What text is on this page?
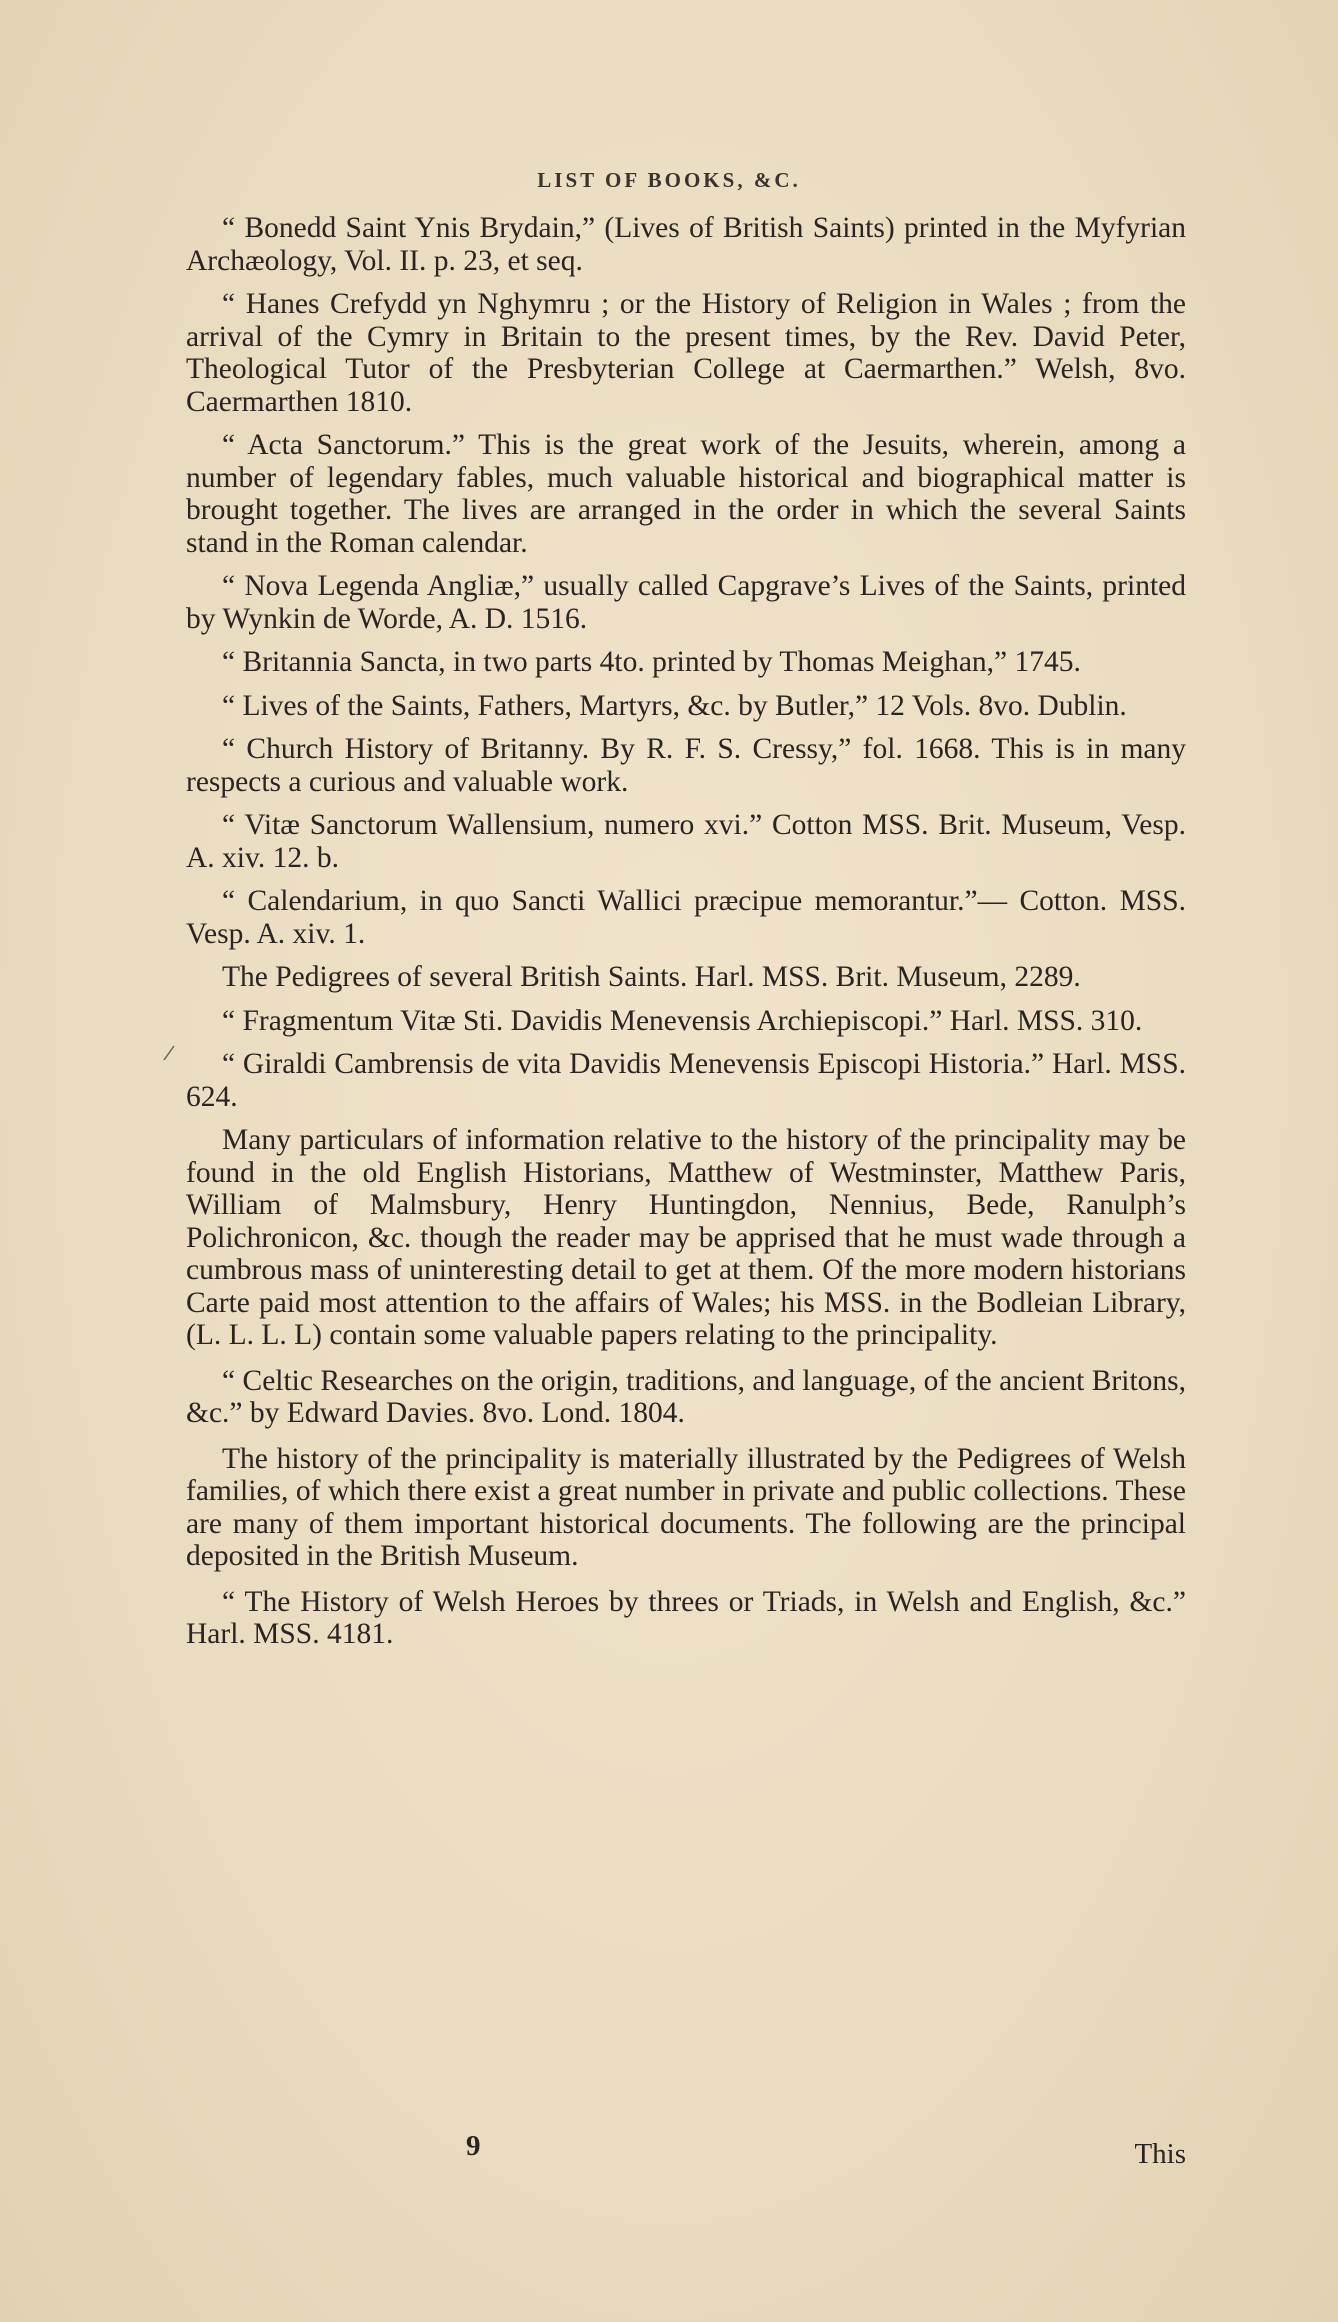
LIST OF BOOKS, &C.

“ Bonedd Saint Ynis Brydain,” (Lives of British Saints) printed in the Myfyrian Archæology, Vol. II. p. 23, et seq.

“ Hanes Crefydd yn Nghymru ; or the History of Religion in Wales ; from the arrival of the Cymry in Britain to the present times, by the Rev. David Peter, Theological Tutor of the Presbyterian College at Caermarthen.” Welsh, 8vo. Caermarthen 1810.

“ Acta Sanctorum.” This is the great work of the Jesuits, wherein, among a number of legendary fables, much valuable historical and biographical matter is brought together. The lives are arranged in the order in which the several Saints stand in the Roman calendar.

“ Nova Legenda Angliæ,” usually called Capgrave’s Lives of the Saints, printed by Wynkin de Worde, A. D. 1516.

“ Britannia Sancta, in two parts 4to. printed by Thomas Meighan,” 1745.

“ Lives of the Saints, Fathers, Martyrs, &c. by Butler,” 12 Vols. 8vo. Dublin.

“ Church History of Britanny. By R. F. S. Cressy,” fol. 1668. This is in many respects a curious and valuable work.

“ Vitæ Sanctorum Wallensium, numero xvi.” Cotton MSS. Brit. Museum, Vesp. A. xiv. 12. b.

“ Calendarium, in quo Sancti Wallici præcipue memorantur.”— Cotton. MSS. Vesp. A. xiv. 1.

The Pedigrees of several British Saints. Harl. MSS. Brit. Museum, 2289.

“ Fragmentum Vitæ Sti. Davidis Menevensis Archiepiscopi.” Harl. MSS. 310.

“ Giraldi Cambrensis de vita Davidis Menevensis Episcopi Historia.” Harl. MSS. 624.

Many particulars of information relative to the history of the principality may be found in the old English Historians, Matthew of Westminster, Matthew Paris, William of Malmsbury, Henry Huntingdon, Nennius, Bede, Ranulph’s Polichronicon, &c. though the reader may be apprised that he must wade through a cumbrous mass of uninteresting detail to get at them. Of the more modern historians Carte paid most attention to the affairs of Wales; his MSS. in the Bodleian Library, (L. L. L. L) contain some valuable papers relating to the principality.

“ Celtic Researches on the origin, traditions, and language, of the ancient Britons, &c.” by Edward Davies. 8vo. Lond. 1804.

The history of the principality is materially illustrated by the Pedigrees of Welsh families, of which there exist a great number in private and public collections. These are many of them important historical documents. The following are the principal deposited in the British Museum.

“ The History of Welsh Heroes by threes or Triads, in Welsh and English, &c.” Harl. MSS. 4181.

9	This
